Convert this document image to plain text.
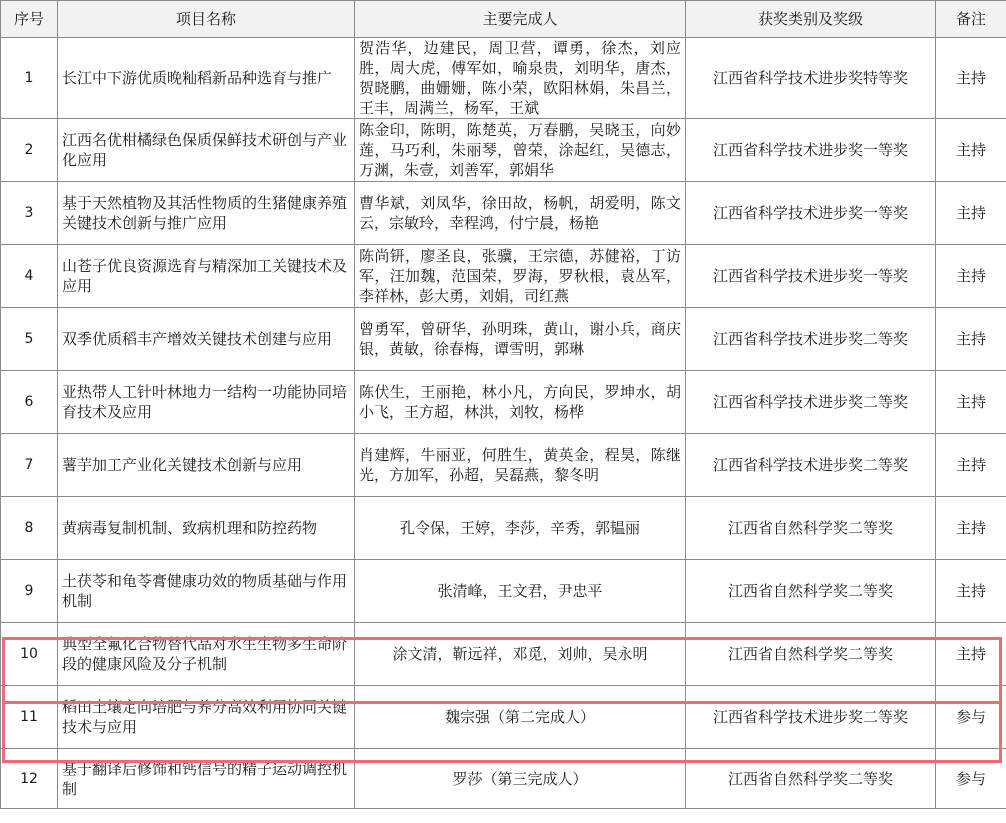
序号	项目名称	主要完成人	获奖类别及奖级	备注
1	长江中下游优质晚籼稻新品种选育与推广	贺浩华，边建民，周卫营，谭勇，徐杰，刘应胜，周大虎，傅军如，喻泉贵，刘明华，唐杰，贺晓鹏，曲姗姗，陈小荣，欧阳林娟，朱昌兰，王丰，周满兰，杨军，王斌	江西省科学技术进步奖特等奖	主持
2	江西名优柑橘绿色保质保鲜技术研创与产业化应用	陈金印，陈明，陈楚英，万春鹏，吴晓玉，向妙莲，马巧利，朱丽琴，曾荣，涂起红，吴德志，万渊，朱壹，刘善军，郭娟华	江西省科学技术进步奖一等奖	主持
3	基于天然植物及其活性物质的生猪健康养殖关键技术创新与推广应用	曹华斌，刘凤华，徐田故，杨帆，胡爱明，陈文云，宗敏玲，幸程鸿，付宁晨，杨艳	江西省科学技术进步奖一等奖	主持
4	山苍子优良资源选育与精深加工关键技术及应用	陈尚钘，廖圣良，张骥，王宗德，苏健裕，丁访军，汪加魏，范国荣，罗海，罗秋根，袁丛军，李祥林，彭大勇，刘娟，司红燕	江西省科学技术进步奖一等奖	主持
5	双季优质稻丰产增效关键技术创建与应用	曾勇军，曾研华，孙明珠，黄山，谢小兵，商庆银，黄敏，徐春梅，谭雪明，郭琳	江西省科学技术进步奖二等奖	主持
6	亚热带人工针叶林地力一结构一功能协同培育技术及应用	陈伏生，王丽艳，林小凡，方向民，罗坤水，胡小飞，王方超，林洪，刘牧，杨桦	江西省科学技术进步奖二等奖	主持
7	薯芋加工产业化关键技术创新与应用	肖建辉，牛丽亚，何胜生，黄英金，程昊，陈继光，方加军，孙超，吴磊燕，黎冬明	江西省科学技术进步奖二等奖	主持
8	黄病毒复制机制、致病机理和防控药物	孔令保，王婷，李莎，辛秀，郭韫丽	江西省自然科学奖二等奖	主持
9	土茯苓和龟苓膏健康功效的物质基础与作用机制	张清峰，王文君，尹忠平	江西省自然科学奖二等奖	主持
10	典型全氟化合物替代品对水生生物多生命阶段的健康风险及分子机制	涂文清，靳远祥，邓觅，刘帅，吴永明	江西省自然科学奖二等奖	主持
11	稻田土壤定向培肥与养分高效利用协同关键技术与应用	魏宗强（第二完成人）	江西省科学技术进步奖二等奖	参与
12	基于翻译后修饰和钙信号的精子运动调控机制	罗莎（第三完成人）	江西省自然科学奖二等奖	参与
